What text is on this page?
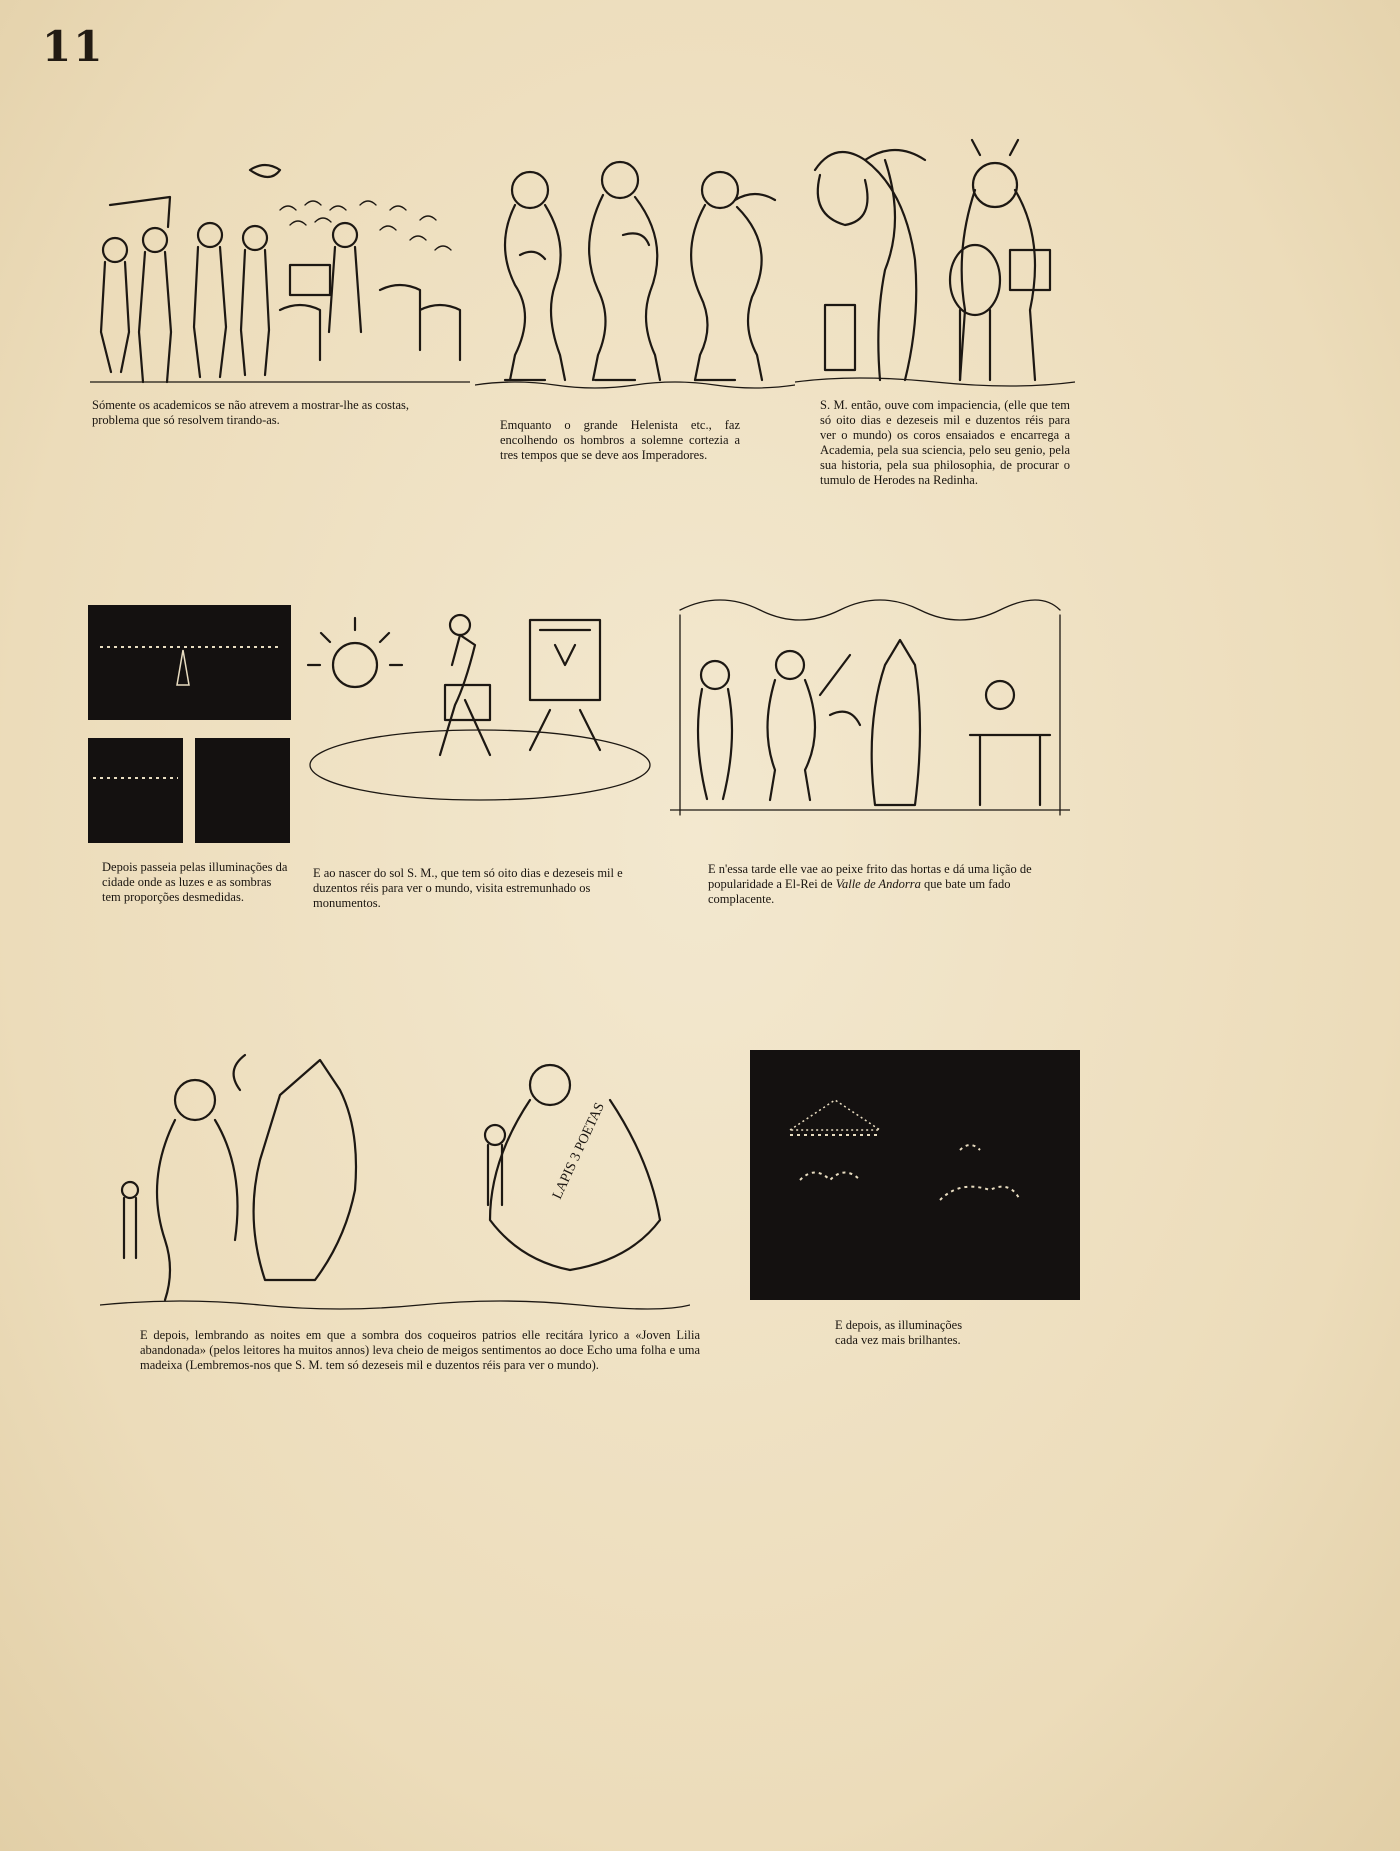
11
Sómente os academicos se não atrevem a mostrar-lhe as costas, problema que só resolvem tirando-as.	Emquanto o grande Helenista etc., faz encolhendo os hombros a solemne cortezia a tres tempos que se deve aos Imperadores.
S. M. então, ouve com impaciencia, (elle que tem só oito dias e dezeseis mil e duzentos réis para ver o mundo) os coros ensaiados e encarrega a Academia, pela sua sciencia, pelo seu genio, pela sua historia, pela sua philosophia, de procurar o tumulo de Herodes na Redinha.
Depois passeia pelas illuminações da cidade onde as luzes e as sombras tem proporções desmedidas.
E ao nascer do sol S. M., que tem só oito dias e dezeseis mil e duzentos réis para ver o mundo, visita estremunhado os monumentos.
E n'essa tarde elle vae ao peixe frito das hortas e dá uma lição de popularidade a El-Rei de Valle de Andorra que bate um fado complacente.
LAPIS 3 POETAS
E depois, lembrando as noites em que a sombra dos coqueiros patrios elle recitára lyrico a «Joven Lilia abandonada» (pelos leitores ha muitos annos) leva cheio de meigos sentimentos ao doce Echo uma folha e uma madeixa (Lembremos-nos que S. M. tem só dezeseis mil e duzentos réis para ver o mundo).
E depois, as illuminações cada vez mais brilhantes.
